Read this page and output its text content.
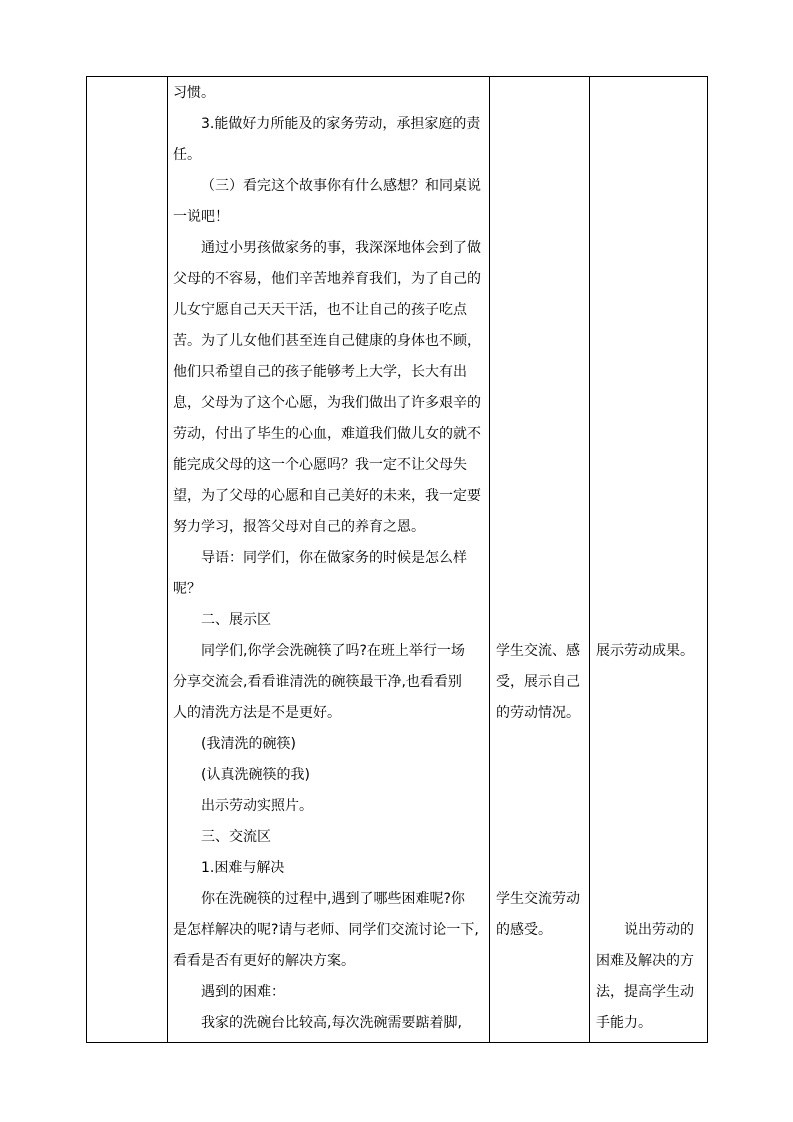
习惯。
3.能做好力所能及的家务劳动，承担家庭的责
任。
（三）看完这个故事你有什么感想？和同桌说
一说吧！
通过小男孩做家务的事，我深深地体会到了做
父母的不容易，他们辛苦地养育我们，为了自己的
儿女宁愿自己天天干活，也不让自己的孩子吃点
苦。为了儿女他们甚至连自己健康的身体也不顾，
他们只希望自己的孩子能够考上大学，长大有出
息，父母为了这个心愿，为我们做出了许多艰辛的
劳动，付出了毕生的心血，难道我们做儿女的就不
能完成父母的这一个心愿吗？我一定不让父母失
望，为了父母的心愿和自己美好的未来，我一定要
努力学习，报答父母对自己的养育之恩。
导语：同学们，你在做家务的时候是怎么样
呢？
二、展示区
同学们,你学会洗碗筷了吗?在班上举行一场
分享交流会,看看谁清洗的碗筷最干净,也看看别
人的清洗方法是不是更好。
(我清洗的碗筷)
(认真洗碗筷的我)
出示劳动实照片。
三、交流区
1.困难与解决
你在洗碗筷的过程中,遇到了哪些困难呢?你
是怎样解决的呢?请与老师、同学们交流讨论一下,
看看是否有更好的解决方案。
遇到的困难：
我家的洗碗台比较高,每次洗碗需要踮着脚,
学生交流、感
受，展示自己
的劳动情况。
学生交流劳动
的感受。
展示劳动成果。
说出劳动的
困难及解决的方
法，提高学生动
手能力。
